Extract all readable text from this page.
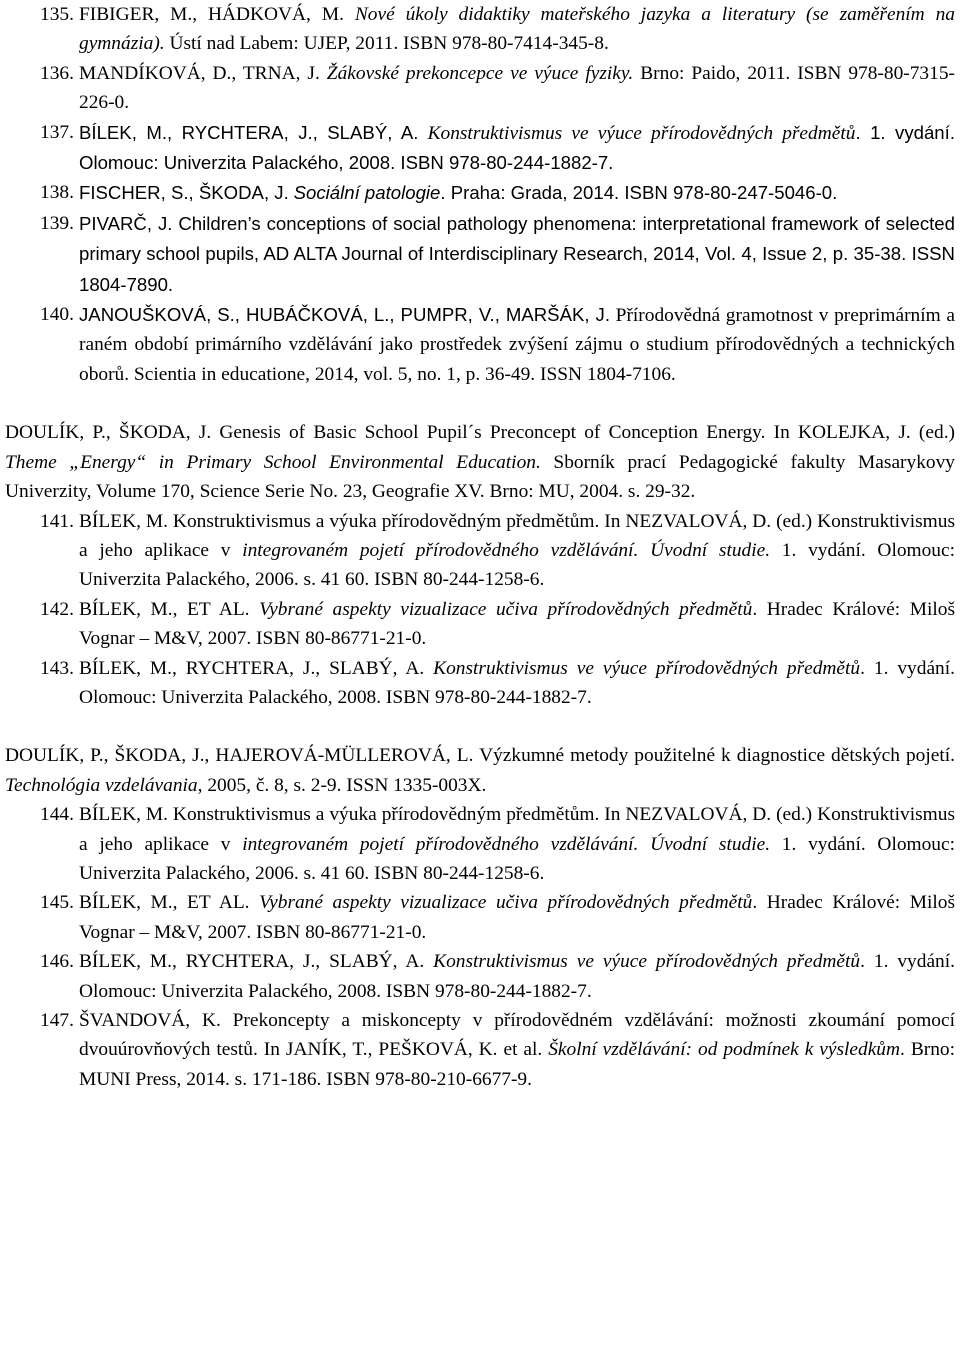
135. FIBIGER, M., HÁDKOVÁ, M. Nové úkoly didaktiky mateřského jazyka a literatury (se zaměřením na gymnázia). Ústí nad Labem: UJEP, 2011. ISBN 978-80-7414-345-8.
136. MANDÍKOVÁ, D., TRNA, J. Žákovské prekoncepce ve výuce fyziky. Brno: Paido, 2011. ISBN 978-80-7315-226-0.
137. BÍLEK, M., RYCHTERA, J., SLABÝ, A. Konstruktivismus ve výuce přírodovědných předmětů. 1. vydání. Olomouc: Univerzita Palackého, 2008. ISBN 978-80-244-1882-7.
138. FISCHER, S., ŠKODA, J. Sociální patologie. Praha: Grada, 2014. ISBN 978-80-247-5046-0.
139. PIVARČ, J. Children’s conceptions of social pathology phenomena: interpretational framework of selected primary school pupils, AD ALTA Journal of Interdisciplinary Research, 2014, Vol. 4, Issue 2, p. 35-38. ISSN 1804-7890.
140. JANOUŠKOVÁ, S., HUBÁČKOVÁ, L., PUMPR, V., MARŠÁK, J. Přírodovědná gramotnost v preprimárním a raném období primárního vzdělávání jako prostředek zvýšení zájmu o studium přírodovědných a technických oborů. Scientia in educatione, 2014, vol. 5, no. 1, p. 36-49. ISSN 1804-7106.
DOULÍK, P., ŠKODA, J. Genesis of Basic School Pupil´s Preconcept of Conception Energy. In KOLEJKA, J. (ed.) Theme „Energy“ in Primary School Environmental Education. Sborník prací Pedagogické fakulty Masarykovy Univerzity, Volume 170, Science Serie No. 23, Geografie XV. Brno: MU, 2004. s. 29-32.
141. BÍLEK, M. Konstruktivismus a výuka přírodovědným předmětům. In NEZVALOVÁ, D. (ed.) Konstruktivismus a jeho aplikace v integrovaném pojetí přírodovědného vzdělávání. Úvodní studie. 1. vydání. Olomouc: Univerzita Palackého, 2006. s. 41 60. ISBN 80-244-1258-6.
142. BÍLEK, M., ET AL. Vybrané aspekty vizualizace učiva přírodovědných předmětů. Hradec Králové: Miloš Vognar – M&V, 2007. ISBN 80-86771-21-0.
143. BÍLEK, M., RYCHTERA, J., SLABÝ, A. Konstruktivismus ve výuce přírodovědných předmětů. 1. vydání. Olomouc: Univerzita Palackého, 2008. ISBN 978-80-244-1882-7.
DOULÍK, P., ŠKODA, J., HAJEROVÁ-MÜLLEROVÁ, L. Výzkumné metody použitelné k diagnostice dětských pojetí. Technológia vzdelávania, 2005, č. 8, s. 2-9. ISSN 1335-003X.
144. BÍLEK, M. Konstruktivismus a výuka přírodovědným předmětům. In NEZVALOVÁ, D. (ed.) Konstruktivismus a jeho aplikace v integrovaném pojetí přírodovědného vzdělávání. Úvodní studie. 1. vydání. Olomouc: Univerzita Palackého, 2006. s. 41 60. ISBN 80-244-1258-6.
145. BÍLEK, M., ET AL. Vybrané aspekty vizualizace učiva přírodovědných předmětů. Hradec Králové: Miloš Vognar – M&V, 2007. ISBN 80-86771-21-0.
146. BÍLEK, M., RYCHTERA, J., SLABÝ, A. Konstruktivismus ve výuce přírodovědných předmětů. 1. vydání. Olomouc: Univerzita Palackého, 2008. ISBN 978-80-244-1882-7.
147. ŠVANDOVÁ, K. Prekoncepty a miskoncepty v přírodovědném vzdělávání: možnosti zkoumání pomocí dvouúrovňových testů. In JANÍK, T., PEŠKOVÁ, K. et al. Školní vzdělávání: od podmínek k výsledkům. Brno: MUNI Press, 2014. s. 171-186. ISBN 978-80-210-6677-9.
